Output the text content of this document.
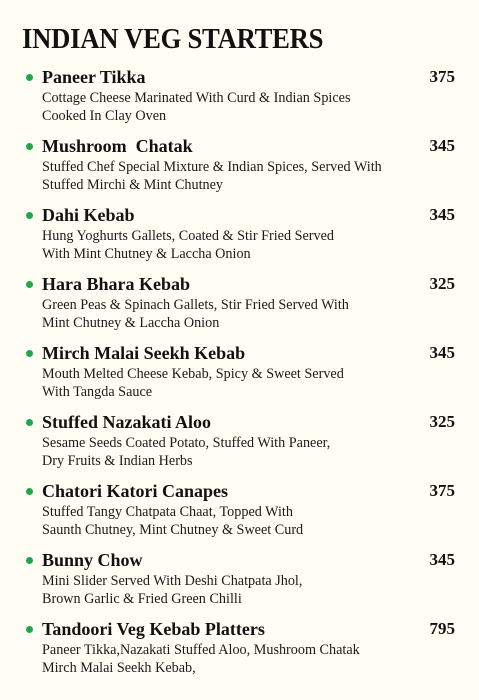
INDIAN VEG STARTERS
Paneer Tikka	375
Cottage Cheese Marinated With Curd & Indian Spices
Cooked In Clay Oven
Mushroom  Chatak	345
Stuffed Chef Special Mixture & Indian Spices, Served With
Stuffed Mirchi & Mint Chutney
Dahi Kebab	345
Hung Yoghurts Gallets, Coated & Stir Fried Served
With Mint Chutney & Laccha Onion
Hara Bhara Kebab	325
Green Peas & Spinach Gallets, Stir Fried Served With
Mint Chutney & Laccha Onion
Mirch Malai Seekh Kebab	345
Mouth Melted Cheese Kebab, Spicy & Sweet Served
With Tangda Sauce
Stuffed Nazakati Aloo	325
Sesame Seeds Coated Potato, Stuffed With Paneer,
Dry Fruits & Indian Herbs
Chatori Katori Canapes	375
Stuffed Tangy Chatpata Chaat, Topped With
Saunth Chutney, Mint Chutney & Sweet Curd
Bunny Chow	345
Mini Slider Served With Deshi Chatpata Jhol,
Brown Garlic & Fried Green Chilli
Tandoori Veg Kebab Platters	795
Paneer Tikka,Nazakati Stuffed Aloo, Mushroom Chatak
Mirch Malai Seekh Kebab,
